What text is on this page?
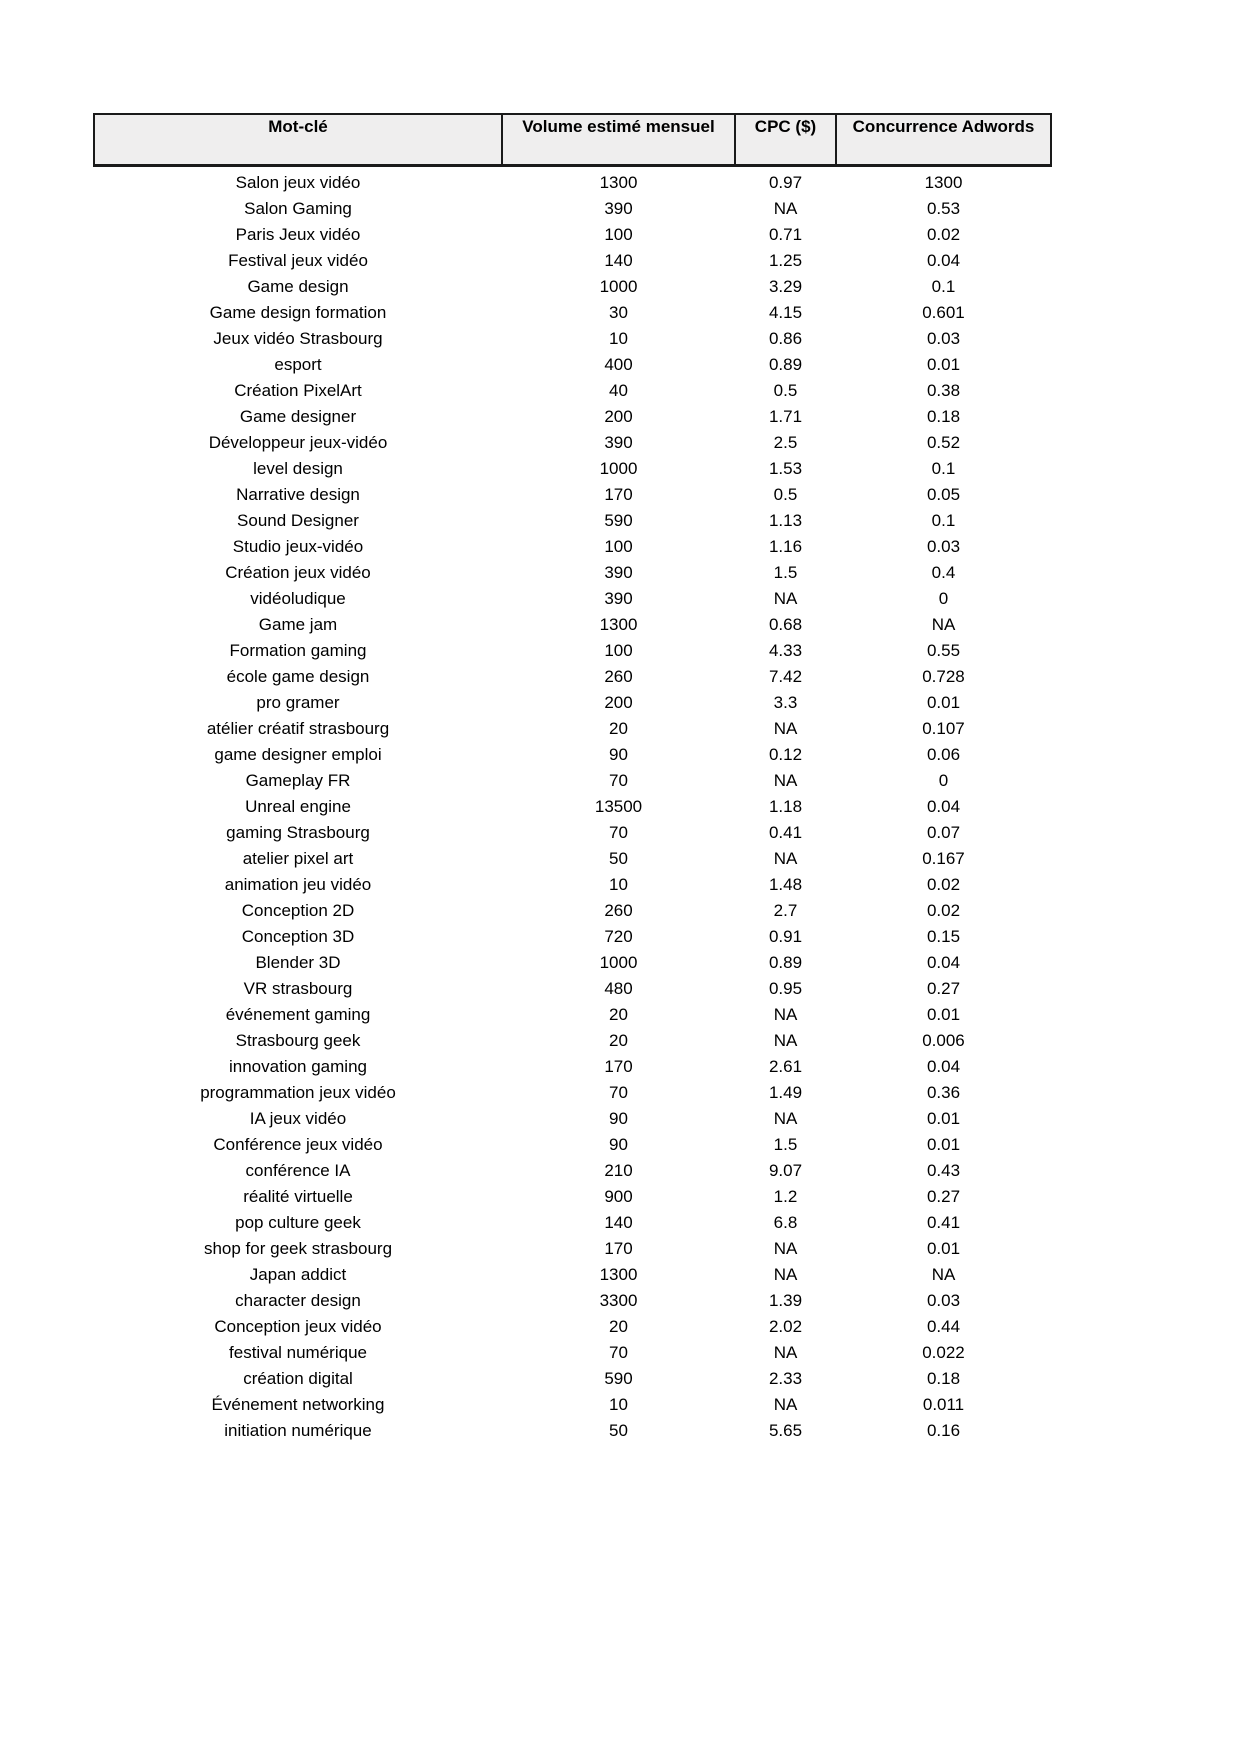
Mot-clé	Volume estimé mensuel	CPC ($)	Concurrence Adwords
Salon jeux vidéo	1300	0.97	1300
Salon Gaming	390	NA	0.53
Paris Jeux vidéo	100	0.71	0.02
Festival jeux vidéo	140	1.25	0.04
Game design	1000	3.29	0.1
Game design formation	30	4.15	0.601
Jeux vidéo Strasbourg	10	0.86	0.03
esport	400	0.89	0.01
Création PixelArt	40	0.5	0.38
Game designer	200	1.71	0.18
Développeur jeux-vidéo	390	2.5	0.52
level design	1000	1.53	0.1
Narrative design	170	0.5	0.05
Sound Designer	590	1.13	0.1
Studio jeux-vidéo	100	1.16	0.03
Création jeux vidéo	390	1.5	0.4
vidéoludique	390	NA	0
Game jam	1300	0.68	NA
Formation gaming	100	4.33	0.55
école game design	260	7.42	0.728
pro gramer	200	3.3	0.01
atélier créatif strasbourg	20	NA	0.107
game designer emploi	90	0.12	0.06
Gameplay FR	70	NA	0
Unreal engine	13500	1.18	0.04
gaming Strasbourg	70	0.41	0.07
atelier pixel art	50	NA	0.167
animation jeu vidéo	10	1.48	0.02
Conception 2D	260	2.7	0.02
Conception 3D	720	0.91	0.15
Blender 3D	1000	0.89	0.04
VR strasbourg	480	0.95	0.27
événement gaming	20	NA	0.01
Strasbourg geek	20	NA	0.006
innovation gaming	170	2.61	0.04
programmation jeux vidéo	70	1.49	0.36
IA jeux vidéo	90	NA	0.01
Conférence jeux vidéo	90	1.5	0.01
conférence IA	210	9.07	0.43
réalité virtuelle	900	1.2	0.27
pop culture geek	140	6.8	0.41
shop for geek strasbourg	170	NA	0.01
Japan addict	1300	NA	NA
character design	3300	1.39	0.03
Conception jeux vidéo	20	2.02	0.44
festival numérique	70	NA	0.022
création digital	590	2.33	0.18
Événement networking	10	NA	0.011
initiation numérique	50	5.65	0.16
